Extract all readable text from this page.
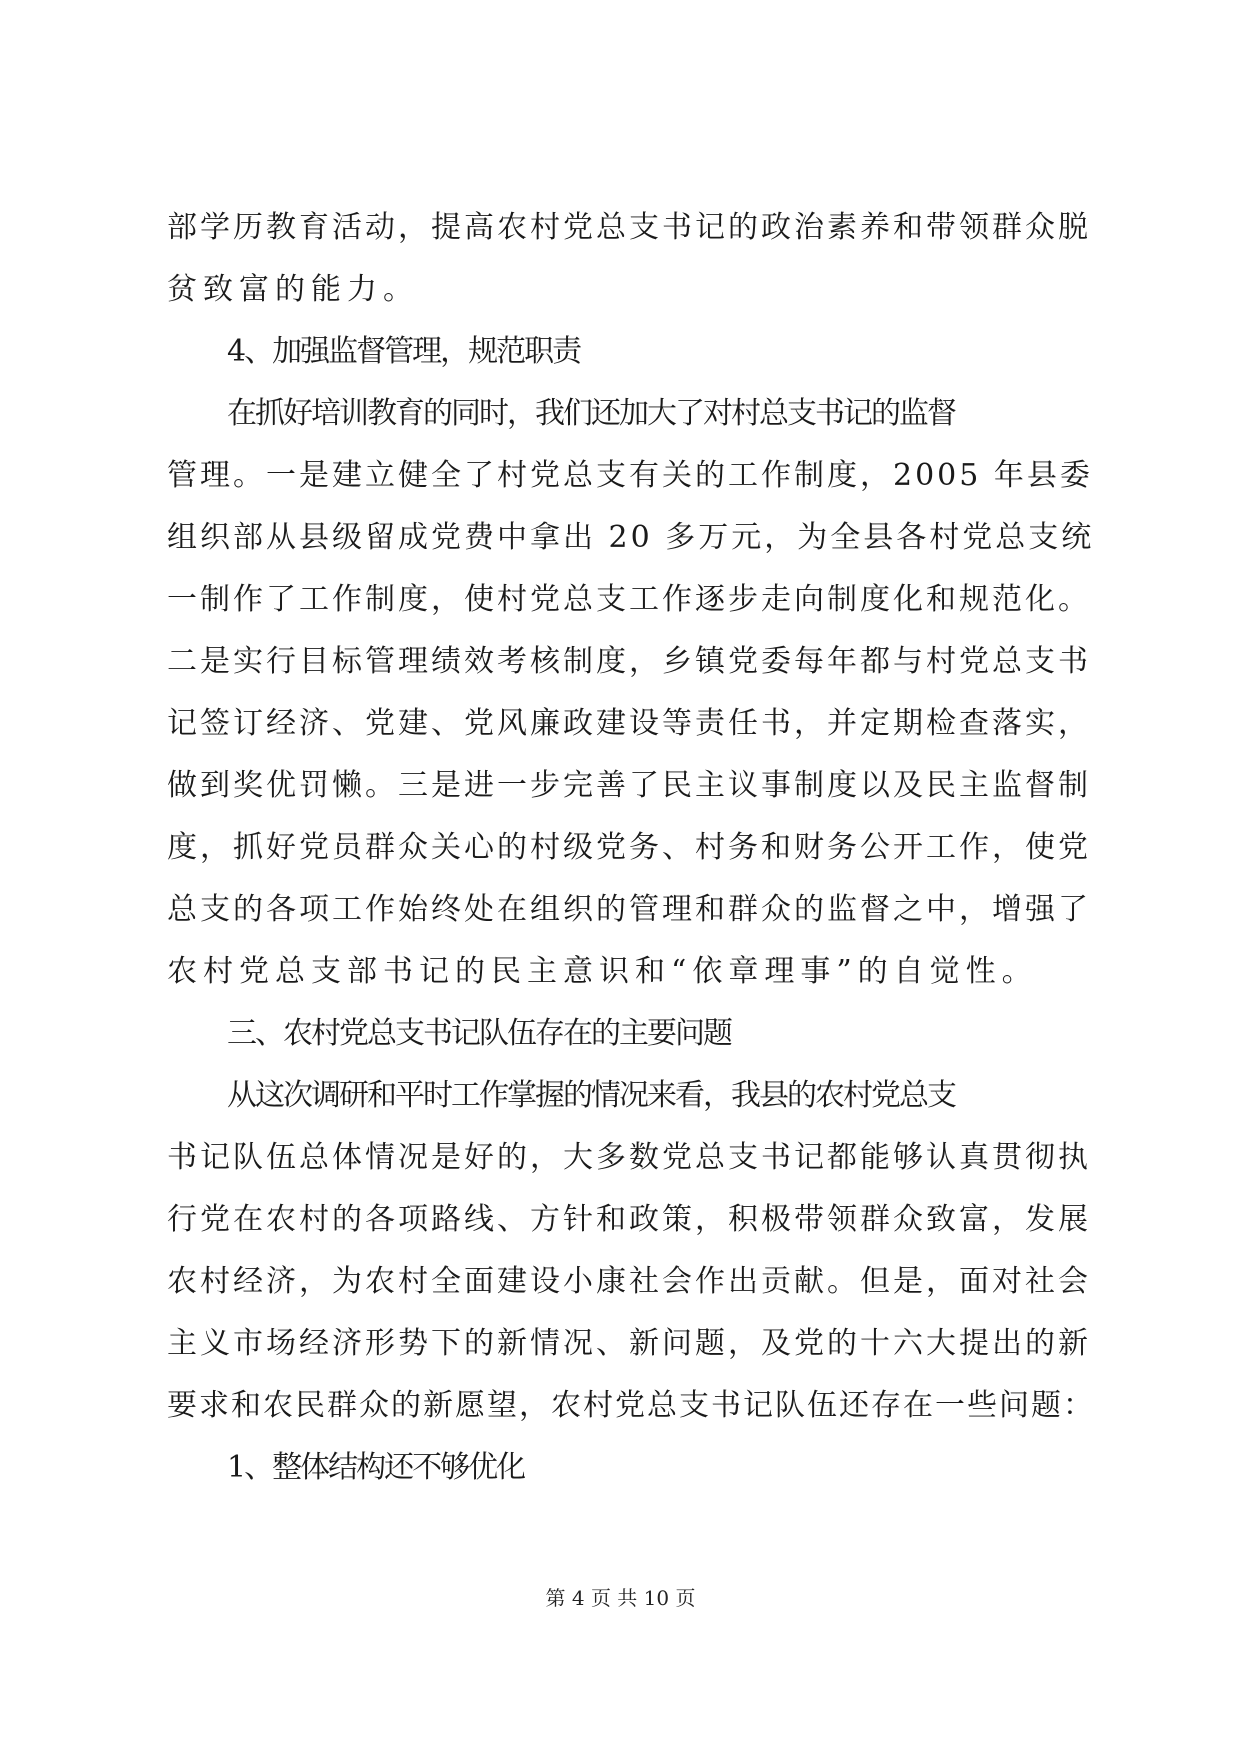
部学历教育活动，提高农村党总支书记的政治素养和带领群众脱
贫致富的能力。
4、加强监督管理，规范职责
在抓好培训教育的同时，我们还加大了对村总支书记的监督
管理。一是建立健全了村党总支有关的工作制度，2005 年县委
组织部从县级留成党费中拿出 20 多万元，为全县各村党总支统
一制作了工作制度，使村党总支工作逐步走向制度化和规范化。
二是实行目标管理绩效考核制度，乡镇党委每年都与村党总支书
记签订经济、党建、党风廉政建设等责任书，并定期检查落实，
做到奖优罚懒。三是进一步完善了民主议事制度以及民主监督制
度，抓好党员群众关心的村级党务、村务和财务公开工作，使党
总支的各项工作始终处在组织的管理和群众的监督之中，增强了
农村党总支部书记的民主意识和“依章理事”的自觉性。
三、农村党总支书记队伍存在的主要问题
从这次调研和平时工作掌握的情况来看，我县的农村党总支
书记队伍总体情况是好的，大多数党总支书记都能够认真贯彻执
行党在农村的各项路线、方针和政策，积极带领群众致富，发展
农村经济，为农村全面建设小康社会作出贡献。但是，面对社会
主义市场经济形势下的新情况、新问题，及党的十六大提出的新
要求和农民群众的新愿望，农村党总支书记队伍还存在一些问题：
1、整体结构还不够优化
第 4 页 共 10 页
